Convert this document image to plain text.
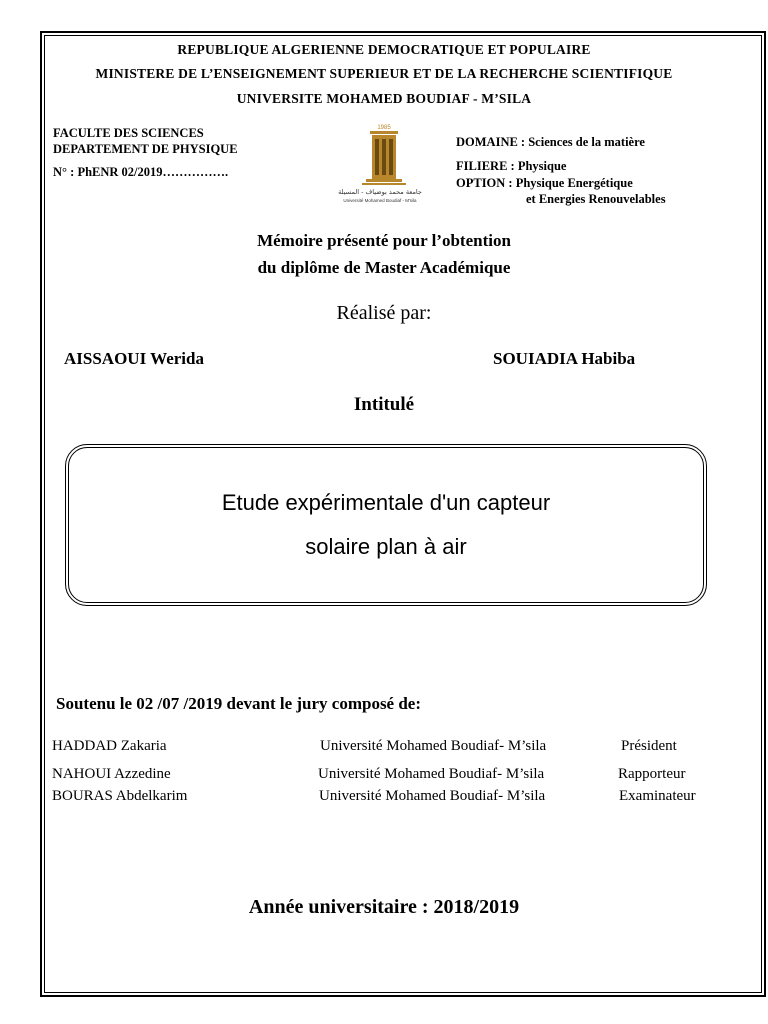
REPUBLIQUE ALGERIENNE DEMOCRATIQUE ET POPULAIRE
MINISTERE DE L’ENSEIGNEMENT SUPERIEUR ET DE LA RECHERCHE SCIENTIFIQUE
UNIVERSITE MOHAMED BOUDIAF - M’SILA
FACULTE DES SCIENCES
DEPARTEMENT DE PHYSIQUE
N° : PhENR 02/2019…………….
1985
جامعة محمد بوضياف - المسيلة
Université Mohamed Boudiaf - M'sila
DOMAINE : Sciences de la matière
FILIERE : Physique
OPTION : Physique Energétique
et Energies Renouvelables
Mémoire présenté pour l’obtention
du diplôme de Master Académique
Réalisé par:
AISSAOUI Werida	SOUIADIA Habiba
Intitulé
Etude expérimentale d'un capteur
solaire plan à air
Soutenu le 02 /07 /2019 devant le jury composé de:
HADDAD Zakaria	Université Mohamed Boudiaf- M’sila	Président
NAHOUI Azzedine	Université Mohamed Boudiaf- M’sila	Rapporteur
BOURAS Abdelkarim	Université Mohamed Boudiaf- M’sila	Examinateur
Année universitaire : 2018/2019
